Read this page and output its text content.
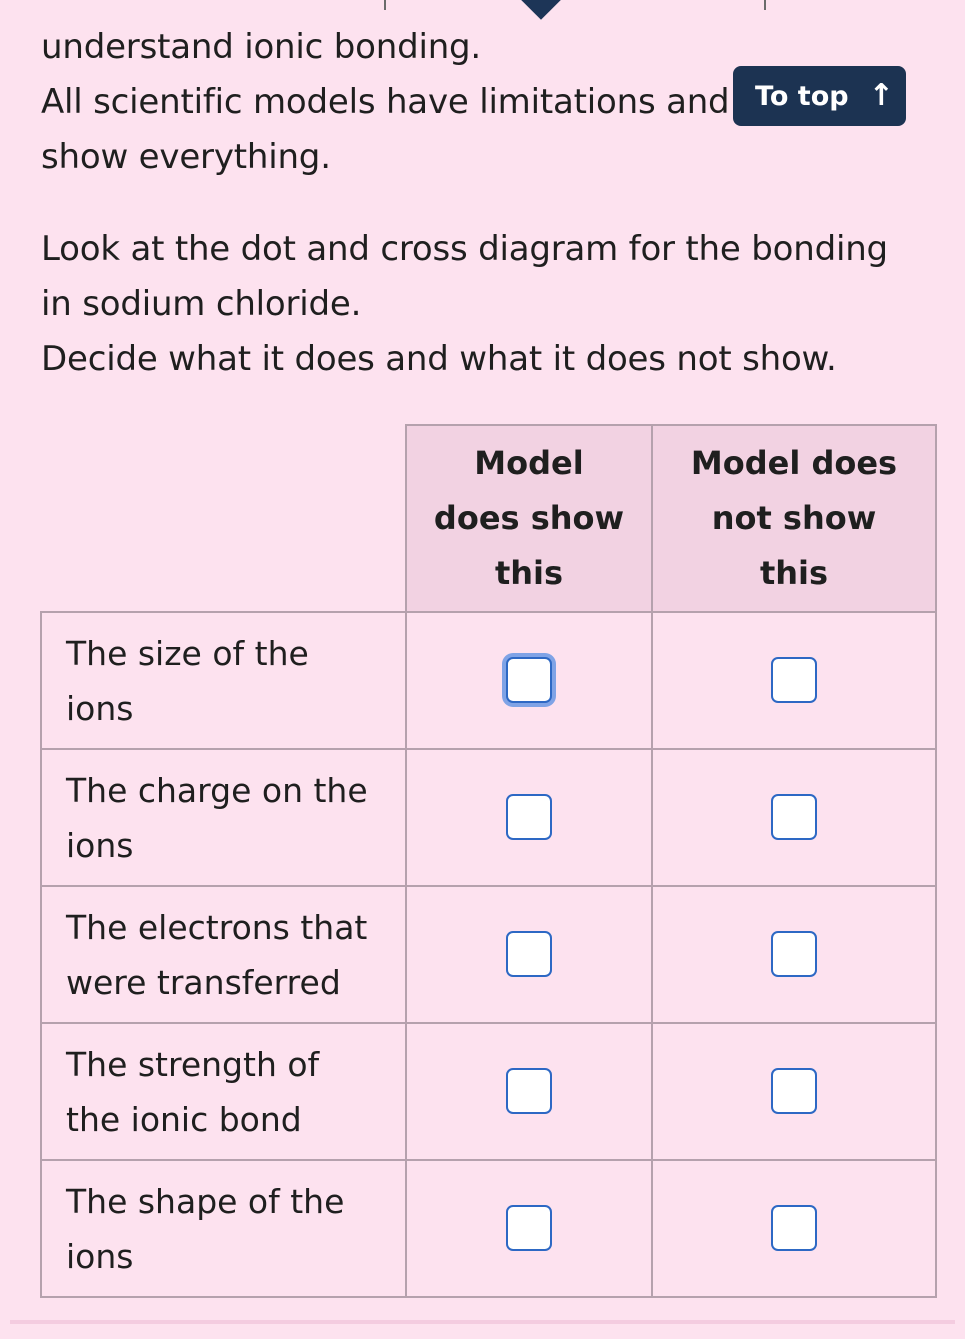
understand ionic bonding.

All scientific models have limitations and

show everything.

Look at the dot and cross diagram for the bonding

in sodium chloride.

Decide what it does and what it does not show.

To top ↑

	Model
does show
this	Model does
not show
this

The size of the
ions		

The charge on the
ions		

The electrons that
were transferred		

The strength of
the ionic bond		

The shape of the
ions		
